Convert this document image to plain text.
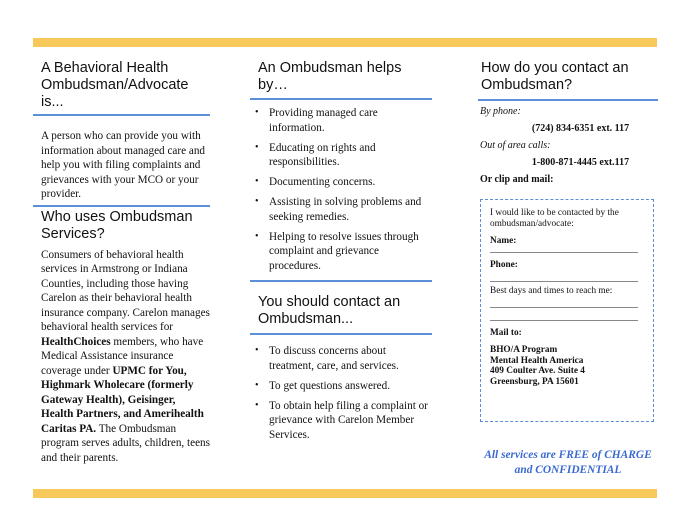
A Behavioral Health Ombudsman/Advocate is...

A person who can provide you with information about managed care and help you with filing complaints and grievances with your MCO or your provider.

Who uses Ombudsman Services?

Consumers of behavioral health services in Armstrong or Indiana Counties, including those having Carelon as their behavioral health insurance company. Carelon manages behavioral health services for HealthChoices members, who have Medical Assistance insurance coverage under UPMC for You, Highmark Wholecare (formerly Gateway Health), Geisinger, Health Partners, and Amerihealth Caritas PA. The Ombudsman program serves adults, children, teens and their parents.

An Ombudsman helps by…
• Providing managed care information.
• Educating on rights and responsibilities.
• Documenting concerns.
• Assisting in solving problems and seeking remedies.
• Helping to resolve issues through complaint and grievance procedures.
You should contact an Ombudsman...
• To discuss concerns about treatment, care, and services.
• To get questions answered.
• To obtain help filing a complaint or grievance with Carelon Member Services.
How do you contact an Ombudsman?
By phone:
(724) 834-6351 ext. 117
Out of area calls:
1-800-871-4445 ext.117
Or clip and mail:
I would like to be contacted by the ombudsman/advocate:
Name:
Phone:
Best days and times to reach me:
Mail to:
BHO/A Program
Mental Health America
409 Coulter Ave. Suite 4
Greensburg, PA 15601
All services are FREE of CHARGE and CONFIDENTIAL
